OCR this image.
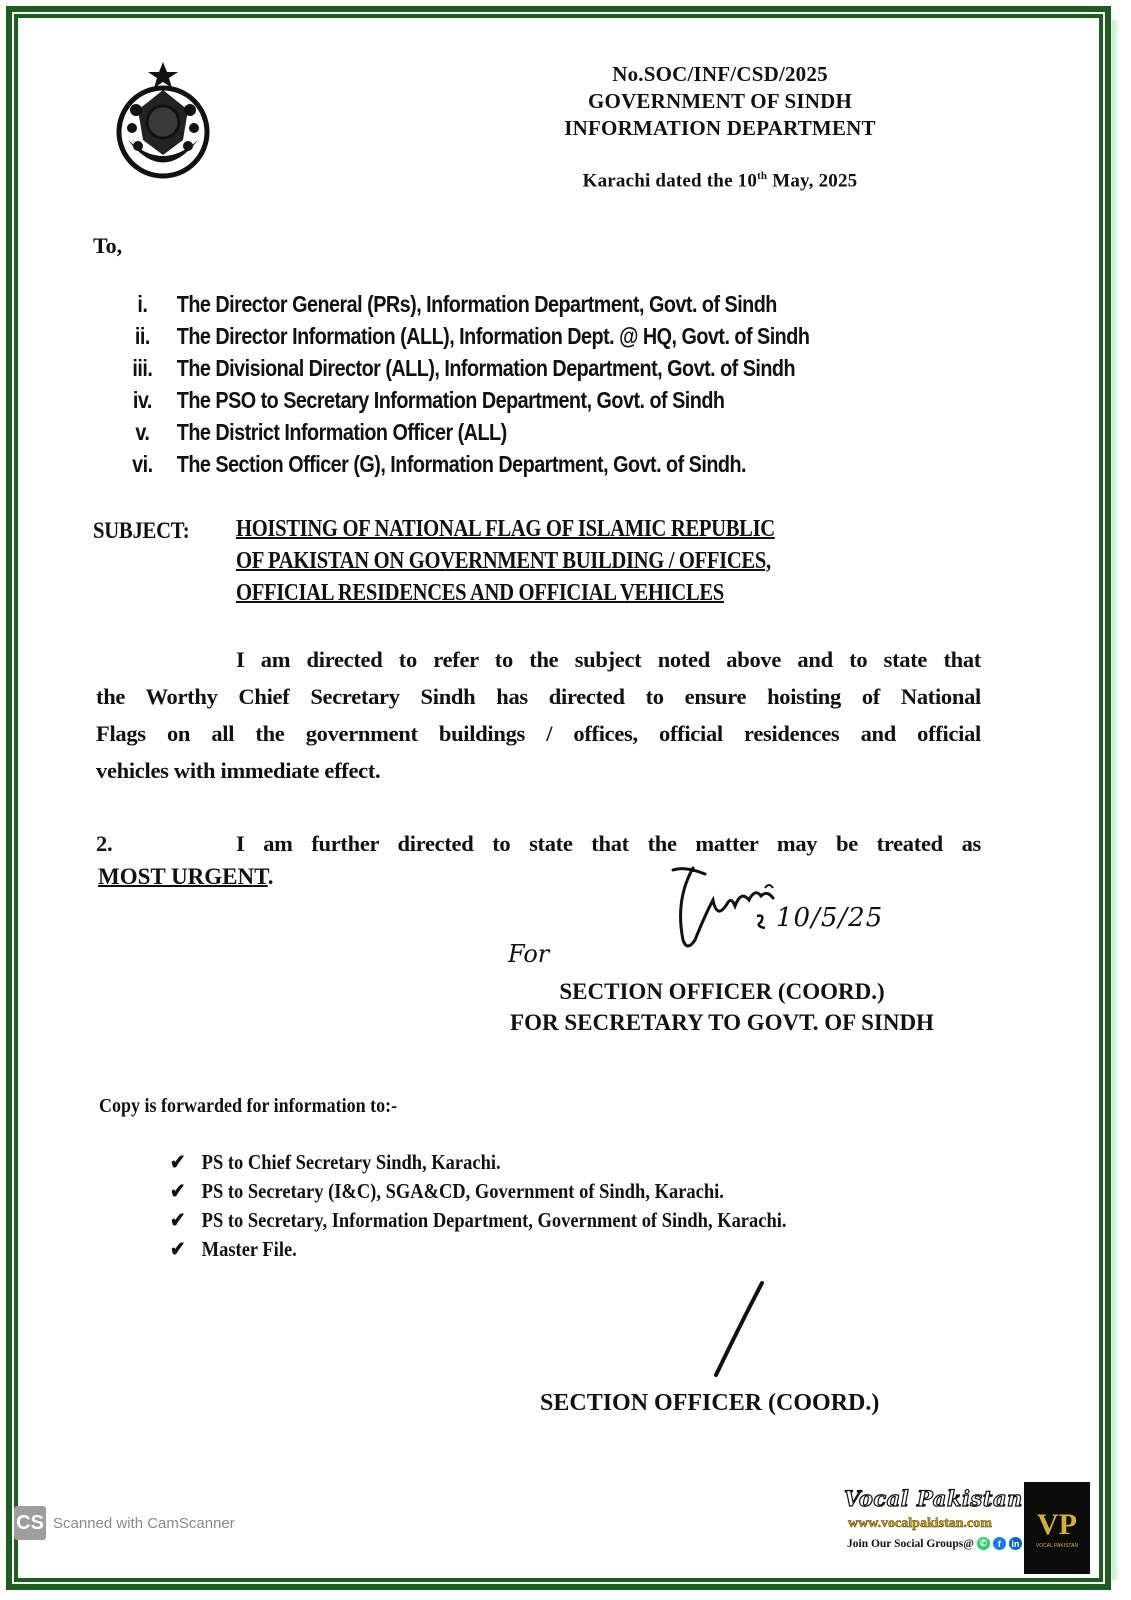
No.SOC/INF/CSD/2025
GOVERNMENT OF SINDH
INFORMATION DEPARTMENT
Karachi dated the 10th May, 2025
To,
i. The Director General (PRs), Information Department, Govt. of Sindh
ii. The Director Information (ALL), Information Dept. @ HQ, Govt. of Sindh
iii. The Divisional Director (ALL), Information Department, Govt. of Sindh
iv. The PSO to Secretary Information Department, Govt. of Sindh
v. The District Information Officer (ALL)
vi. The Section Officer (G), Information Department, Govt. of Sindh.
SUBJECT: HOISTING OF NATIONAL FLAG OF ISLAMIC REPUBLIC
OF PAKISTAN ON GOVERNMENT BUILDING / OFFICES,
OFFICIAL RESIDENCES AND OFFICIAL VEHICLES
I am directed to refer to the subject noted above and to state that
the Worthy Chief Secretary Sindh has directed to ensure hoisting of National
Flags on all the government buildings / offices, official residences and official
vehicles with immediate effect.
2.	I am further directed to state that the matter may be treated as
MOST URGENT.
10/5/25
For
SECTION OFFICER (COORD.)
FOR SECRETARY TO GOVT. OF SINDH
Copy is forwarded for information to:-
✔ PS to Chief Secretary Sindh, Karachi.
✔ PS to Secretary (I&C), SGA&CD, Government of Sindh, Karachi.
✔ PS to Secretary, Information Department, Government of Sindh, Karachi.
✔ Master File.
SECTION OFFICER (COORD.)
CS Scanned with CamScanner
Vocal Pakistan
www.vocalpakistan.com
Join Our Social Groups@ ✆	f	in
VP
VOCAL PAKISTAN
